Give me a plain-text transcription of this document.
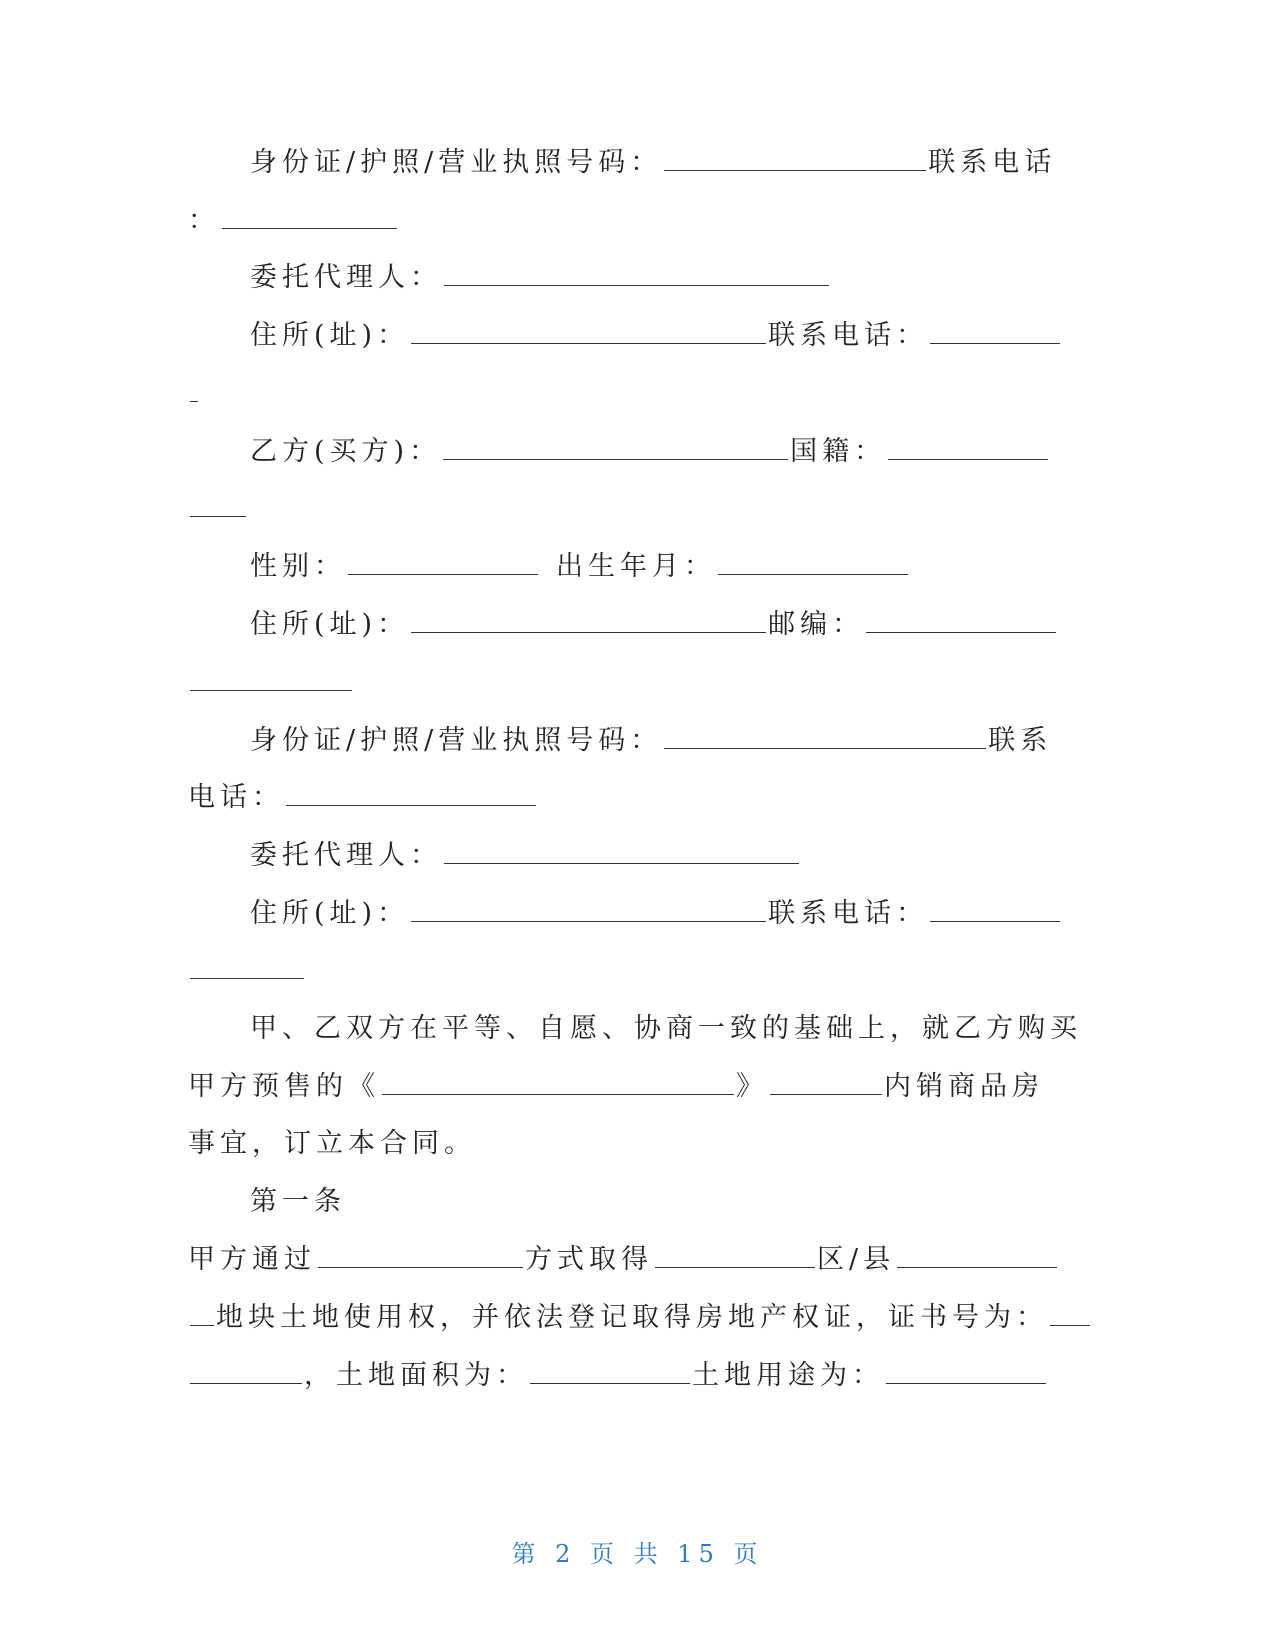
身份证/护照/营业执照号码：	联系电话
：
委托代理人：
住所(址)：	联系电话：
乙方(买方)：	国籍：
性别：	出生年月：
住所(址)：	邮编：
身份证/护照/营业执照号码：	联系
电话：
委托代理人：
住所(址)：	联系电话：
甲、乙双方在平等、自愿、协商一致的基础上，就乙方购买
甲方预售的《	》	内销商品房
事宜，订立本合同。
第一条
甲方通过	方式取得	区/县
地块土地使用权，并依法登记取得房地产权证，证书号为：
，土地面积为：	土地用途为：
第 2 页 共 15 页
